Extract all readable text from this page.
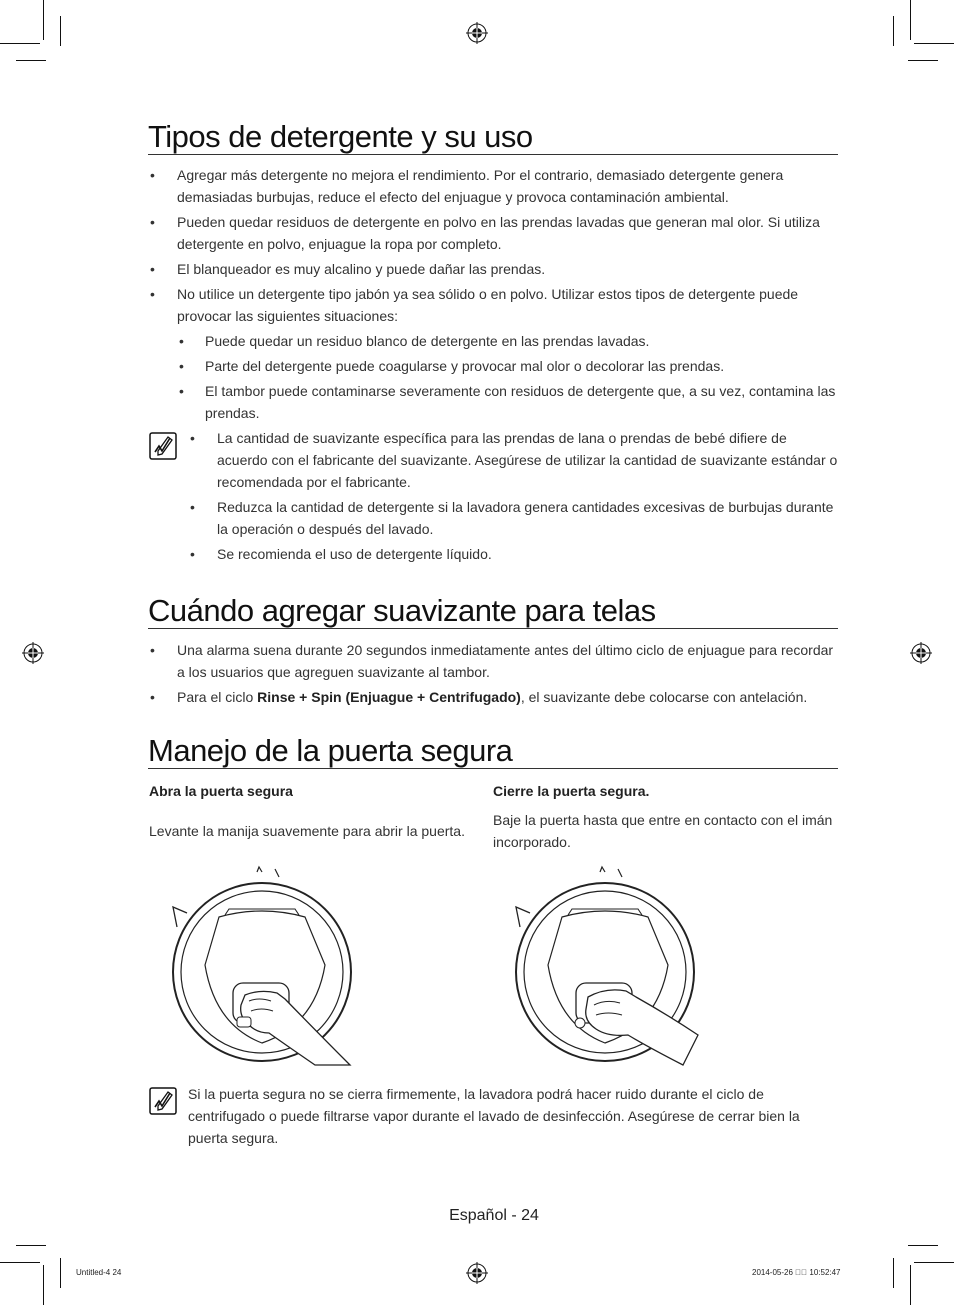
Tipos de detergente y su uso
• Agregar más detergente no mejora el rendimiento. Por el contrario, demasiado detergente genera demasiadas burbujas, reduce el efecto del enjuague y provoca contaminación ambiental.
• Pueden quedar residuos de detergente en polvo en las prendas lavadas que generan mal olor. Si utiliza detergente en polvo, enjuague la ropa por completo.
• El blanqueador es muy alcalino y puede dañar las prendas.
• No utilice un detergente tipo jabón ya sea sólido o en polvo. Utilizar estos tipos de detergente puede provocar las siguientes situaciones:
• Puede quedar un residuo blanco de detergente en las prendas lavadas.
• Parte del detergente puede coagularse y provocar mal olor o decolorar las prendas.
• El tambor puede contaminarse severamente con residuos de detergente que, a su vez, contamina las prendas.
• La cantidad de suavizante específica para las prendas de lana o prendas de bebé difiere de acuerdo con el fabricante del suavizante. Asegúrese de utilizar la cantidad de suavizante estándar o recomendada por el fabricante.
• Reduzca la cantidad de detergente si la lavadora genera cantidades excesivas de burbujas durante la operación o después del lavado.
• Se recomienda el uso de detergente líquido.
Cuándo agregar suavizante para telas
• Una alarma suena durante 20 segundos inmediatamente antes del último ciclo de enjuague para recordar a los usuarios que agreguen suavizante al tambor.
• Para el ciclo Rinse + Spin (Enjuague + Centrifugado), el suavizante debe colocarse con antelación.
Manejo de la puerta segura
Abra la puerta segura
Levante la manija suavemente para abrir la puerta.
Cierre la puerta segura.
Baje la puerta hasta que entre en contacto con el imán incorporado.
Si la puerta segura no se cierra firmemente, la lavadora podrá hacer ruido durante el ciclo de centrifugado o puede filtrarse vapor durante el lavado de desinfección. Asegúrese de cerrar bien la puerta segura.
Español - 24
Untitled-4 24	2014-05-26 ￿￿ 10:52:47
